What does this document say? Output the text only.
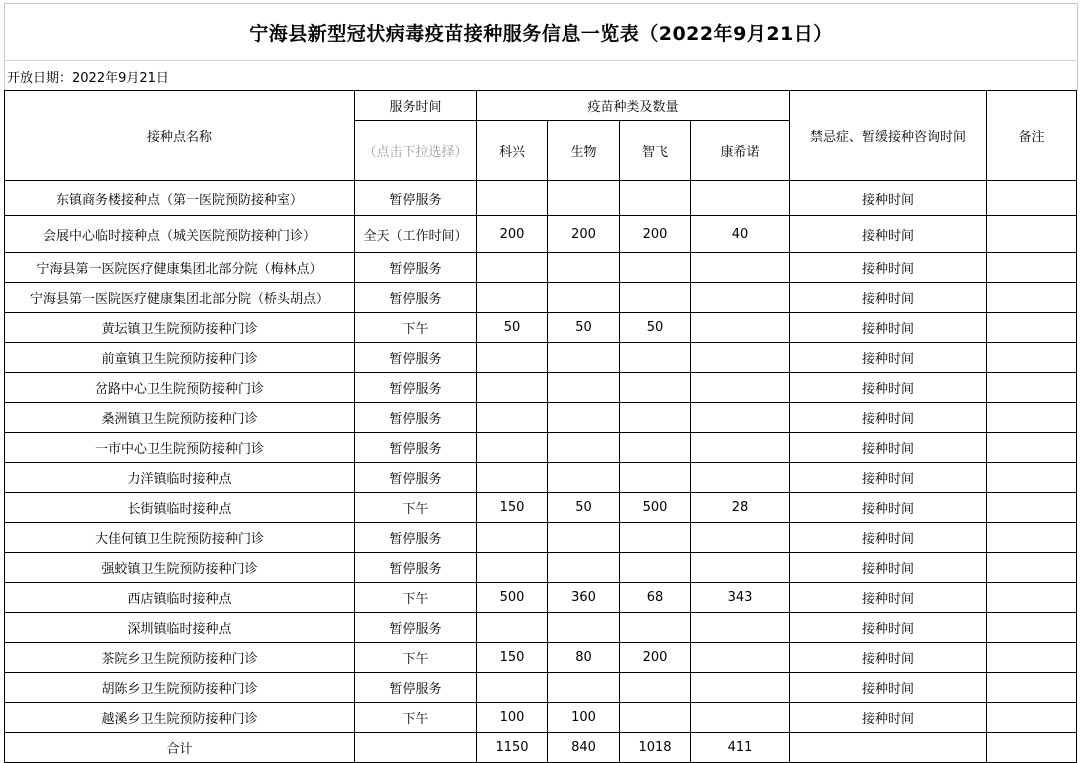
宁海县新型冠状病毒疫苗接种服务信息一览表（2022年9月21日）
开放日期：2022年9月21日
接种点名称	服务时间	疫苗种类及数量				禁忌症、暂缓接种咨询时间	备注
	（点击下拉选择）	科兴	生物	智飞	康希诺		
东镇商务楼接种点（第一医院预防接种室）	暂停服务					接种时间	
会展中心临时接种点（城关医院预防接种门诊）	全天（工作时间）	200	200	200	40	接种时间	
宁海县第一医院医疗健康集团北部分院（梅林点）	暂停服务					接种时间	
宁海县第一医院医疗健康集团北部分院（桥头胡点）	暂停服务					接种时间	
黄坛镇卫生院预防接种门诊	下午	50	50	50		接种时间	
前童镇卫生院预防接种门诊	暂停服务					接种时间	
岔路中心卫生院预防接种门诊	暂停服务					接种时间	
桑洲镇卫生院预防接种门诊	暂停服务					接种时间	
一市中心卫生院预防接种门诊	暂停服务					接种时间	
力洋镇临时接种点	暂停服务					接种时间	
长街镇临时接种点	下午	150	50	500	28	接种时间	
大佳何镇卫生院预防接种门诊	暂停服务					接种时间	
强蛟镇卫生院预防接种门诊	暂停服务					接种时间	
西店镇临时接种点	下午	500	360	68	343	接种时间	
深圳镇临时接种点	暂停服务					接种时间	
茶院乡卫生院预防接种门诊	下午	150	80	200		接种时间	
胡陈乡卫生院预防接种门诊	暂停服务					接种时间	
越溪乡卫生院预防接种门诊	下午	100	100			接种时间	
合计		1150	840	1018	411		
